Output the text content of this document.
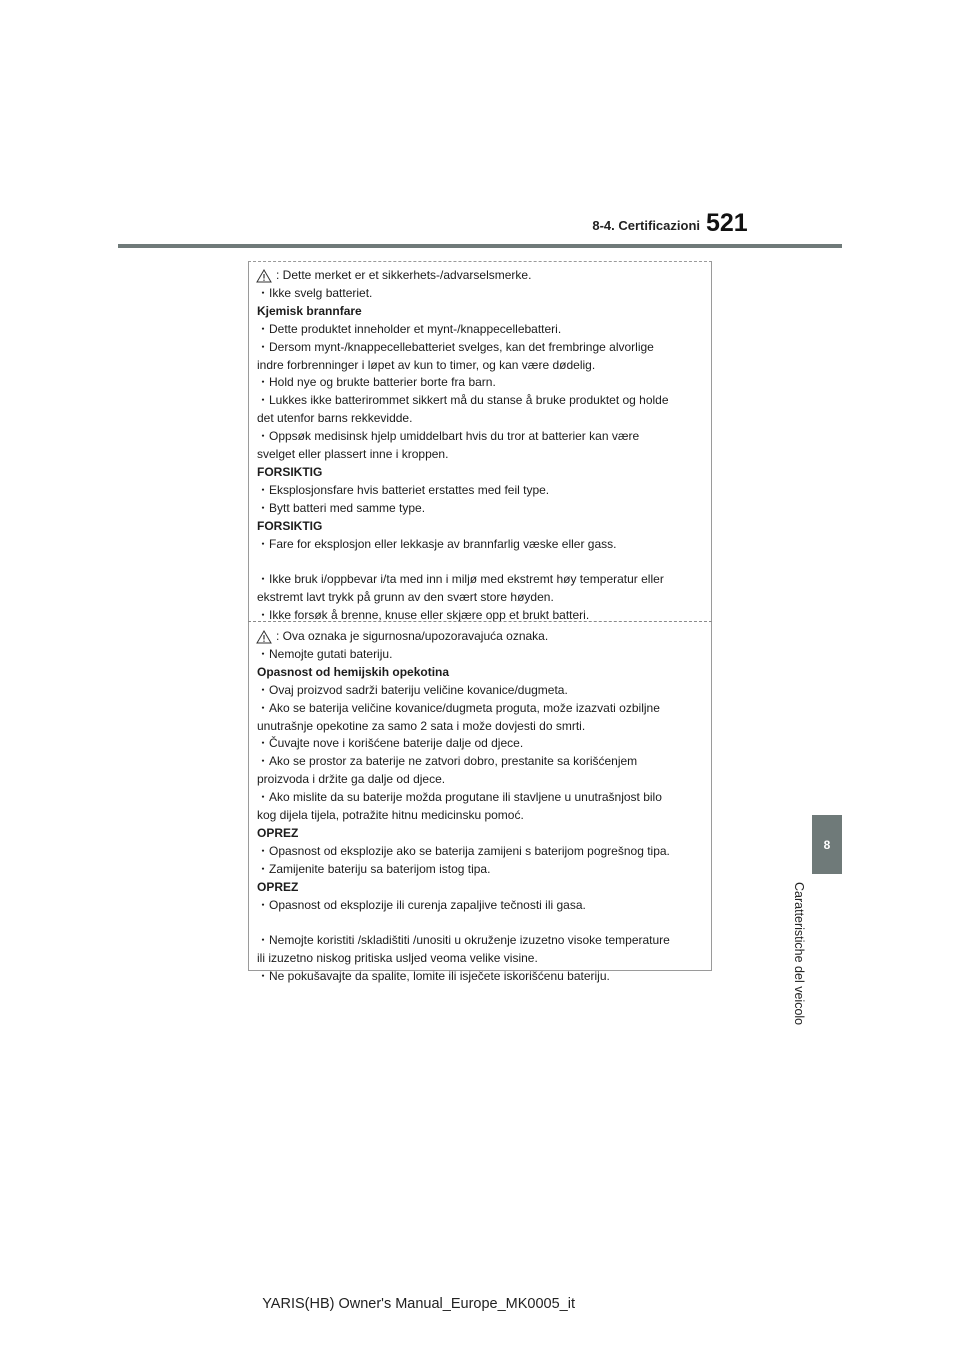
8-4. Certificazioni 521
8
Caratteristiche del veicolo
: Dette merket er et sikkerhets-/advarselsmerke.
・Ikke svelg batteriet.
Kjemisk brannfare
・Dette produktet inneholder et mynt-/knappecellebatteri.
・Dersom mynt-/knappecellebatteriet svelges, kan det frembringe alvorlige
indre forbrenninger i løpet av kun to timer, og kan være dødelig.
・Hold nye og brukte batterier borte fra barn.
・Lukkes ikke batterirommet sikkert må du stanse å bruke produktet og holde
det utenfor barns rekkevidde.
・Oppsøk medisinsk hjelp umiddelbart hvis du tror at batterier kan være
svelget eller plassert inne i kroppen.
FORSIKTIG
・Eksplosjonsfare hvis batteriet erstattes med feil type.
・Bytt batteri med samme type.
FORSIKTIG
・Fare for eksplosjon eller lekkasje av brannfarlig væske eller gass.
・Ikke bruk i/oppbevar i/ta med inn i miljø med ekstremt høy temperatur eller
ekstremt lavt trykk på grunn av den svært store høyden.
・Ikke forsøk å brenne, knuse eller skjære opp et brukt batteri.
: Ova oznaka je sigurnosna/upozoravajuća oznaka.
・Nemojte gutati bateriju.
Opasnost od hemijskih opekotina
・Ovaj proizvod sadrži bateriju veličine kovanice/dugmeta.
・Ako se baterija veličine kovanice/dugmeta proguta, može izazvati ozbiljne
unutrašnje opekotine za samo 2 sata i može dovjesti do smrti.
・Čuvajte nove i korišćene baterije dalje od djece.
・Ako se prostor za baterije ne zatvori dobro, prestanite sa korišćenjem
proizvoda i držite ga dalje od djece.
・Ako mislite da su baterije možda progutane ili stavljene u unutrašnjost bilo
kog dijela tijela, potražite hitnu medicinsku pomoć.
OPREZ
・Opasnost od eksplozije ako se baterija zamijeni s baterijom pogrešnog tipa.
・Zamijenite bateriju sa baterijom istog tipa.
OPREZ
・Opasnost od eksplozije ili curenja zapaljive tečnosti ili gasa.
・Nemojte koristiti /skladištiti /unositi u okruženje izuzetno visoke temperature
ili izuzetno niskog pritiska usljed veoma velike visine.
・Ne pokušavajte da spalite, lomite ili isječete iskorišćenu bateriju.
YARIS(HB) Owner's Manual_Europe_MK0005_it
